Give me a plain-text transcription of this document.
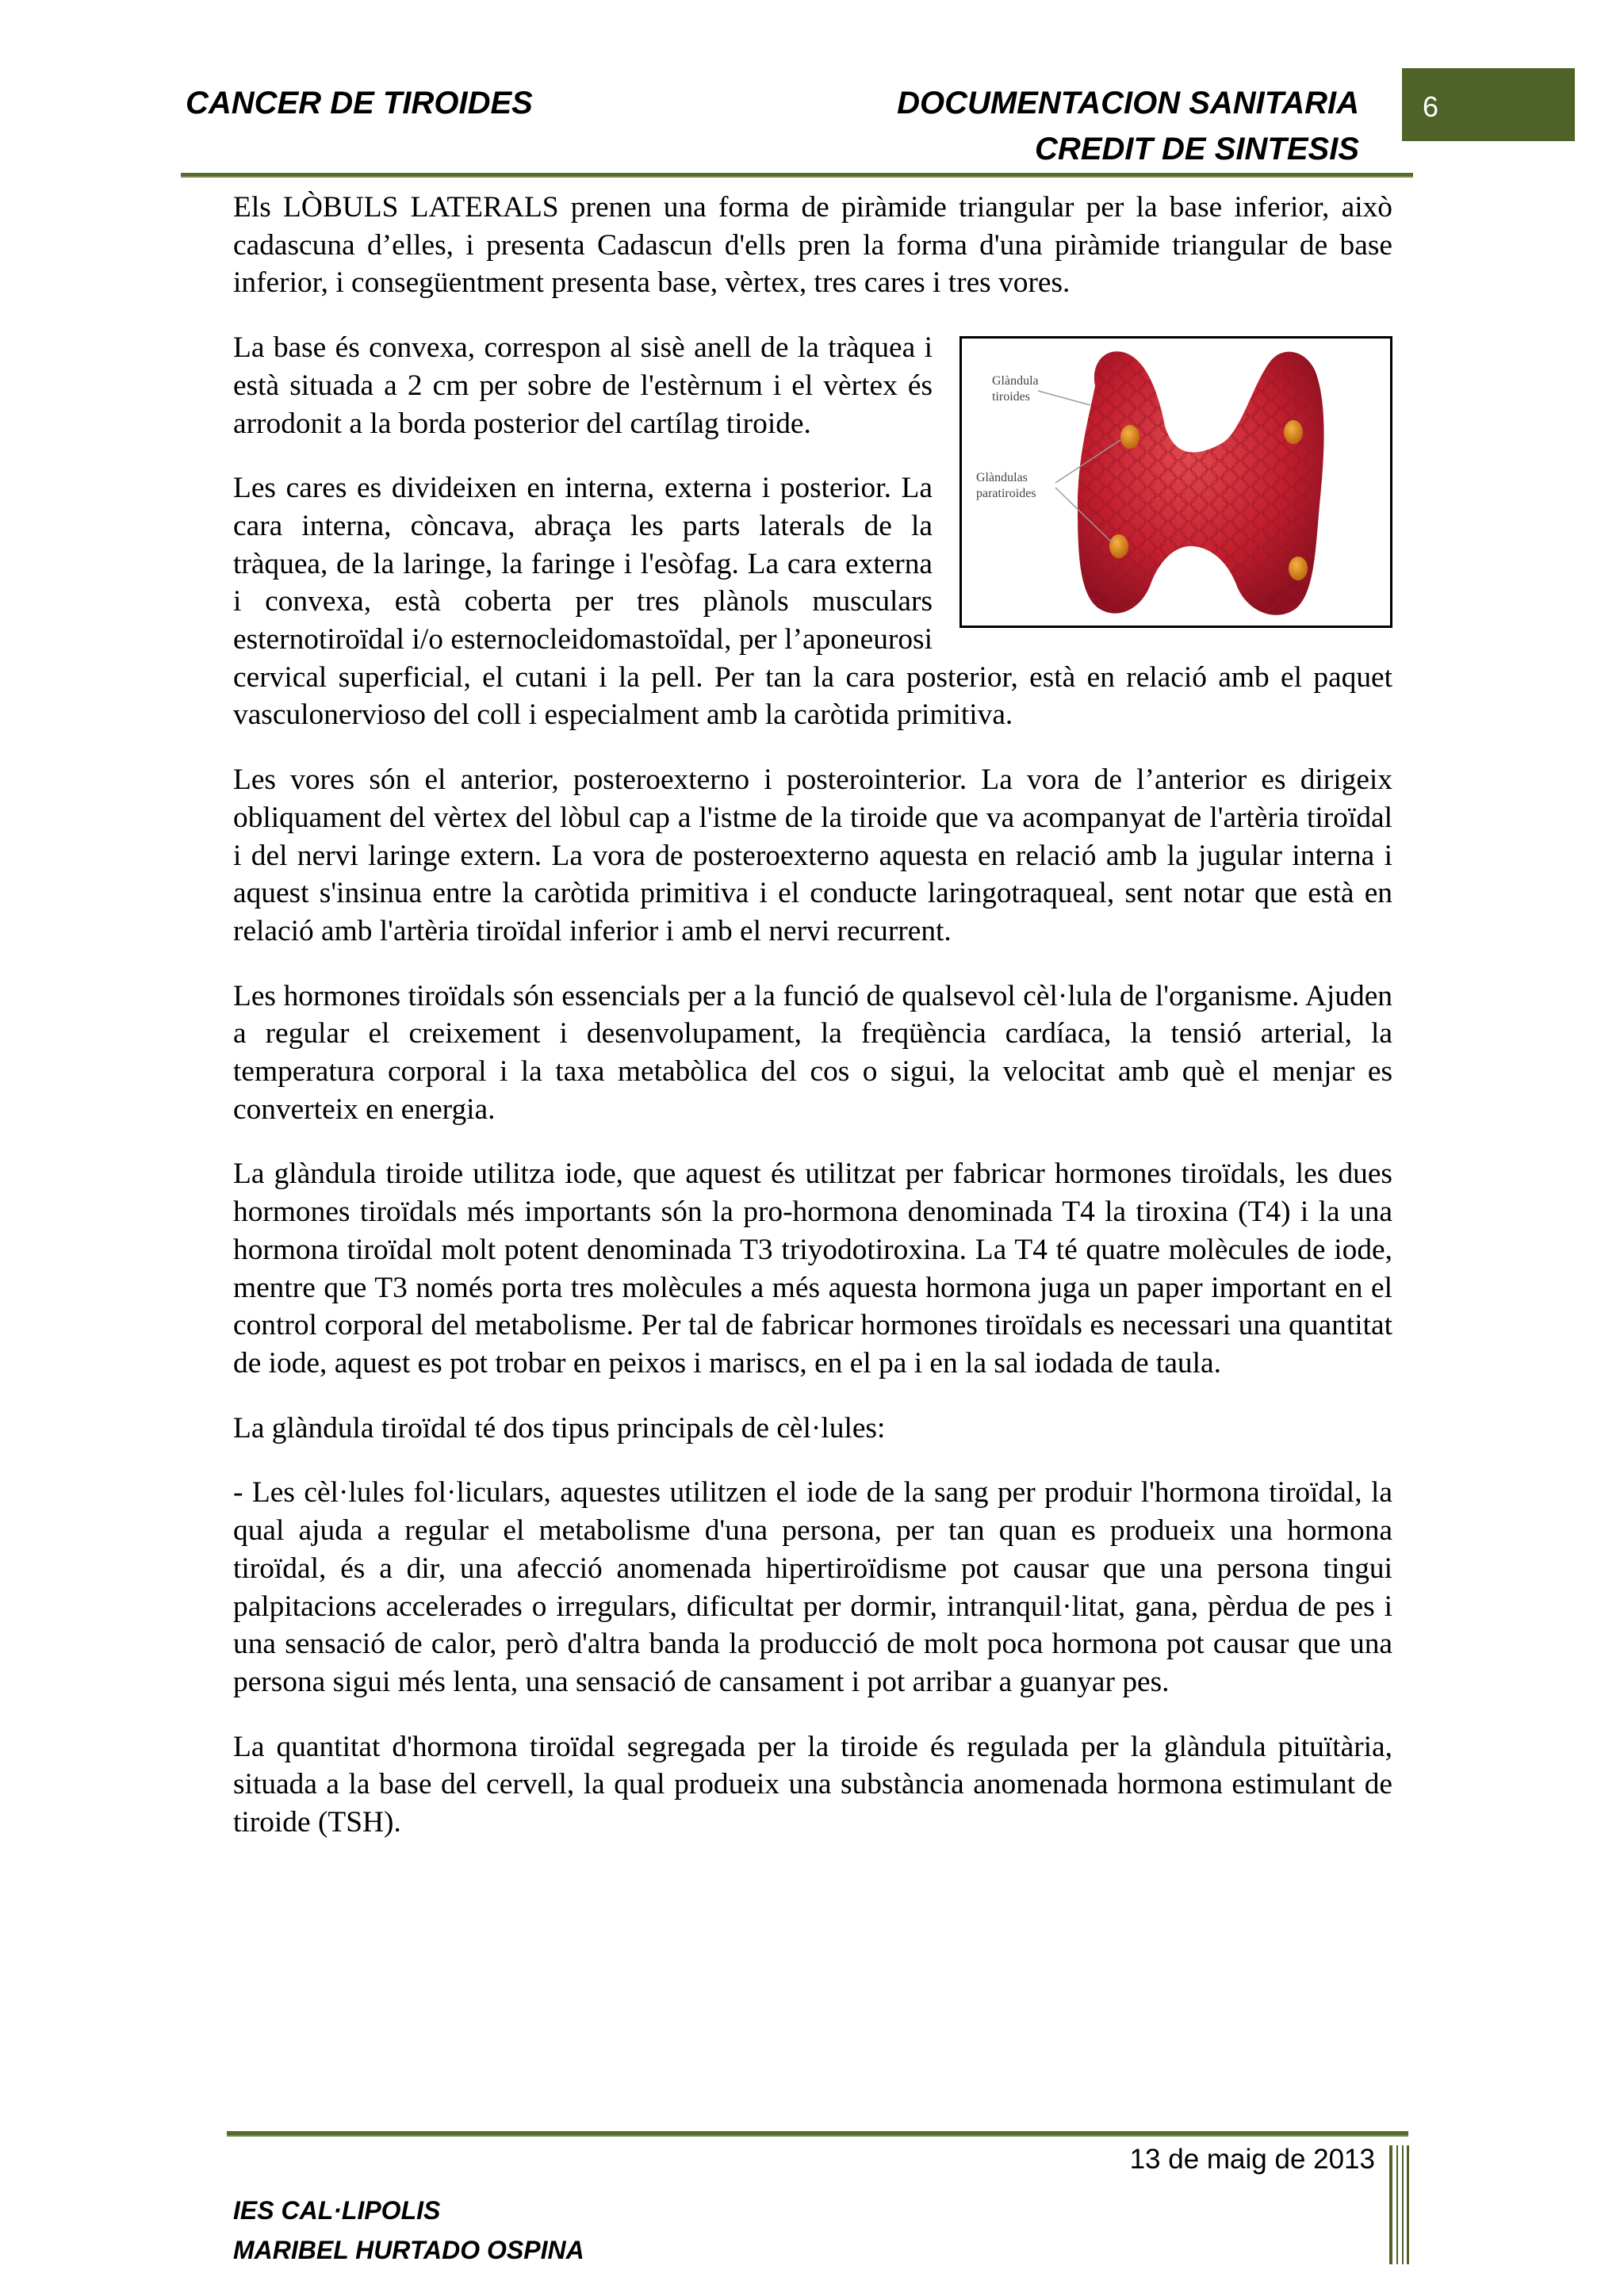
CANCER DE TIROIDES	DOCUMENTACION SANITARIA
CREDIT DE SINTESIS
6

Els LÒBULS LATERALS prenen una forma de piràmide triangular per la base inferior, això cadascuna d’elles, i presenta Cadascun d'ells pren la forma d'una piràmide triangular de base inferior, i consegüentment presenta base, vèrtex, tres cares i tres vores.

Glàndula tiroides
Glàndulas paratiroides

La base és convexa, correspon al sisè anell de la tràquea i està situada a 2 cm per sobre de l'estèrnum i el vèrtex és arrodonit a la borda posterior del cartílag tiroide.

Les cares es divideixen en interna, externa i posterior. La cara interna, còncava, abraça les parts laterals de la tràquea, de la laringe, la faringe i l'esòfag. La cara externa i convexa, està coberta per tres plànols musculars esternotiroïdal i/o esternocleidomastoïdal, per l’aponeurosi cervical superficial, el cutani i la pell. Per tan la cara posterior, està en relació amb el paquet vasculonervioso del coll i especialment amb la caròtida primitiva.

Les vores són el anterior, posteroexterno i posterointerior. La vora de l’anterior es dirigeix obliquament del vèrtex del lòbul cap a l'istme de la tiroide que va acompanyat de l'artèria tiroïdal i del nervi laringe extern. La vora de posteroexterno aquesta en relació amb la jugular interna i aquest s'insinua entre la caròtida primitiva i el conducte laringotraqueal, sent notar que està en relació amb l'artèria tiroïdal inferior i amb el nervi recurrent.

Les hormones tiroïdals són essencials per a la funció de qualsevol cèl·lula de l'organisme. Ajuden a regular el creixement i desenvolupament, la freqüència cardíaca, la tensió arterial, la temperatura corporal i la taxa metabòlica del cos o sigui, la velocitat amb què el menjar es converteix en energia.

La glàndula tiroide utilitza iode, que aquest és utilitzat per fabricar hormones tiroïdals, les dues hormones tiroïdals més importants són la pro-hormona denominada T4 la tiroxina (T4) i la una hormona tiroïdal molt potent denominada T3 triyodotiroxina. La T4 té quatre molècules de iode, mentre que T3 només porta tres molècules a més aquesta hormona juga un paper important en el control corporal del metabolisme. Per tal de fabricar hormones tiroïdals es necessari una quantitat de iode, aquest es pot trobar en peixos i mariscs, en el pa i en la sal iodada de taula.

La glàndula tiroïdal té dos tipus principals de cèl·lules:

- Les cèl·lules fol·liculars, aquestes utilitzen el iode de la sang per produir l'hormona tiroïdal, la qual ajuda a regular el metabolisme d'una persona, per tan quan es produeix una hormona tiroïdal, és a dir, una afecció anomenada hipertiroïdisme pot causar que una persona tingui palpitacions accelerades o irregulars, dificultat per dormir, intranquil·litat, gana, pèrdua de pes i una sensació de calor, però d'altra banda la producció de molt poca hormona pot causar que una persona sigui més lenta, una sensació de cansament i pot arribar a guanyar pes.

La quantitat d'hormona tiroïdal segregada per la tiroide és regulada per la glàndula pituïtària, situada a la base del cervell, la qual produeix una substància anomenada hormona estimulant de tiroide (TSH).

13 de maig de 2013
IES CAL·LIPOLIS
MARIBEL HURTADO OSPINA
